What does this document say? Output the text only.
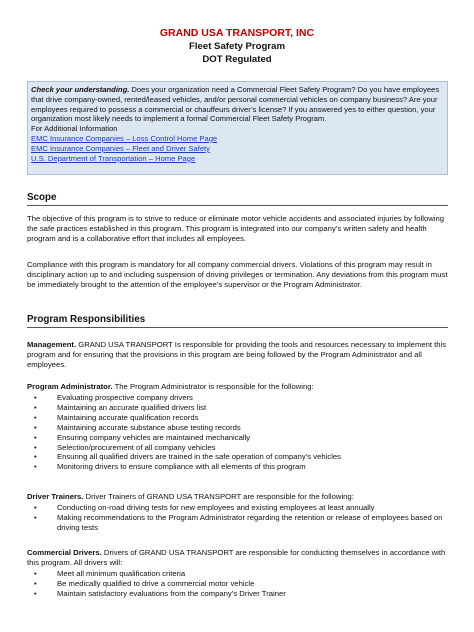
GRAND USA TRANSPORT, INC
Fleet Safety Program
DOT Regulated
Check your understanding. Does your organization need a Commercial Fleet Safety Program? Do you have employees that drive company-owned, rented/leased vehicles, and/or personal commercial vehicles on company business? Are your employees required to possess a commercial or chauffeurs driver’s license? If you answered yes to either question, your organization most likely needs to implement a formal Commercial Fleet Safety Program.
For Additional Information
EMC Insurance Companies – Loss Control Home Page
EMC Insurance Companies – Fleet and Driver Safety
U.S. Department of Transportation – Home Page
Scope
The objective of this program is to strive to reduce or eliminate motor vehicle accidents and associated injuries by following the safe practices established in this program. This program is integrated into our company’s written safety and health program and is a collaborative effort that includes all employees.
Compliance with this program is mandatory for all company commercial drivers. Violations of this program may result in disciplinary action up to and including suspension of driving privileges or termination. Any deviations from this program must be immediately brought to the attention of the employee’s supervisor or the Program Administrator.
Program Responsibilities
Management. GRAND USA TRANSPORT Is responsible for providing the tools and resources necessary to implement this program and for ensuring that the provisions in this program are being followed by the Program Administrator and all employees.
Program Administrator. The Program Administrator is responsible for the following:
•	Evaluating prospective company drivers
•	Maintaining an accurate qualified drivers list
•	Maintaining accurate qualification records
•	Maintaining accurate substance abuse testing records
•	Ensuring company vehicles are maintained mechanically
•	Selection/procurement of all company vehicles
•	Ensuring all qualified drivers are trained in the safe operation of company’s vehicles
•	Monitoring drivers to ensure compliance with all elements of this program
Driver Trainers. Driver Trainers of GRAND USA TRANSPORT are responsible for the following:
•	Conducting on-road driving tests for new employees and existing employees at least annually
•	Making recommendations to the Program Administrator regarding the retention or release of employees based on driving tests
Commercial Drivers. Drivers of GRAND USA TRANSPORT are responsible for conducting themselves in accordance with this program. All drivers will:
•	Meet all minimum qualification criteria
•	Be medically qualified to drive a commercial motor vehicle
•	Maintain satisfactory evaluations from the company’s Driver Trainer
